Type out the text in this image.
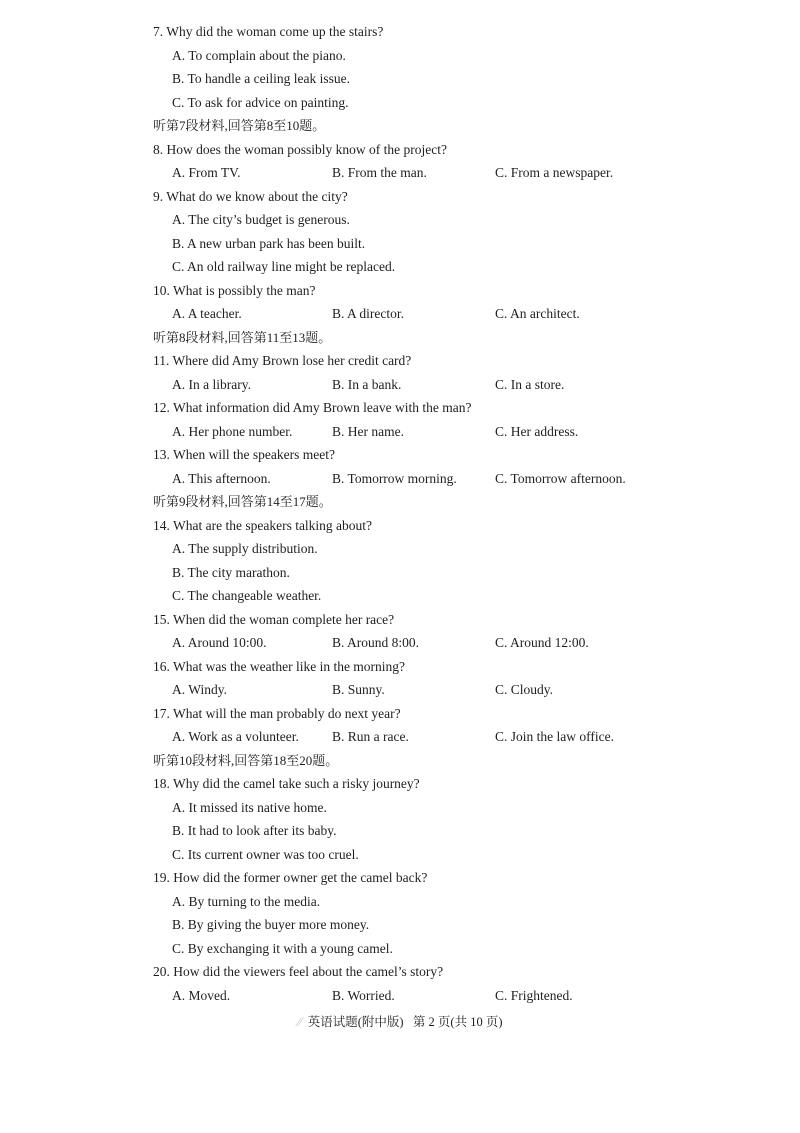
7. Why did the woman come up the stairs?
A. To complain about the piano.
B. To handle a ceiling leak issue.
C. To ask for advice on painting.
听第7段材料,回答第8至10题。
8. How does the woman possibly know of the project?
A. From TV.	B. From the man.	C. From a newspaper.
9. What do we know about the city?
A. The city’s budget is generous.
B. A new urban park has been built.
C. An old railway line might be replaced.
10. What is possibly the man?
A. A teacher.	B. A director.	C. An architect.
听第8段材料,回答第11至13题。
11. Where did Amy Brown lose her credit card?
A. In a library.	B. In a bank.	C. In a store.
12. What information did Amy Brown leave with the man?
A. Her phone number.	B. Her name.	C. Her address.
13. When will the speakers meet?
A. This afternoon.	B. Tomorrow morning.	C. Tomorrow afternoon.
听第9段材料,回答第14至17题。
14. What are the speakers talking about?
A. The supply distribution.
B. The city marathon.
C. The changeable weather.
15. When did the woman complete her race?
A. Around 10:00.	B. Around 8:00.	C. Around 12:00.
16. What was the weather like in the morning?
A. Windy.	B. Sunny.	C. Cloudy.
17. What will the man probably do next year?
A. Work as a volunteer. B. Run a race.	C. Join the law office.
听第10段材料,回答第18至20题。
18. Why did the camel take such a risky journey?
A. It missed its native home.
B. It had to look after its baby.
C. Its current owner was too cruel.
19. How did the former owner get the camel back?
A. By turning to the media.
B. By giving the buyer more money.
C. By exchanging it with a young camel.
20. How did the viewers feel about the camel’s story?
A. Moved.	B. Worried.	C. Frightened.
⁄⁄ 英语试题(附中版) 第 2 页(共 10 页)
